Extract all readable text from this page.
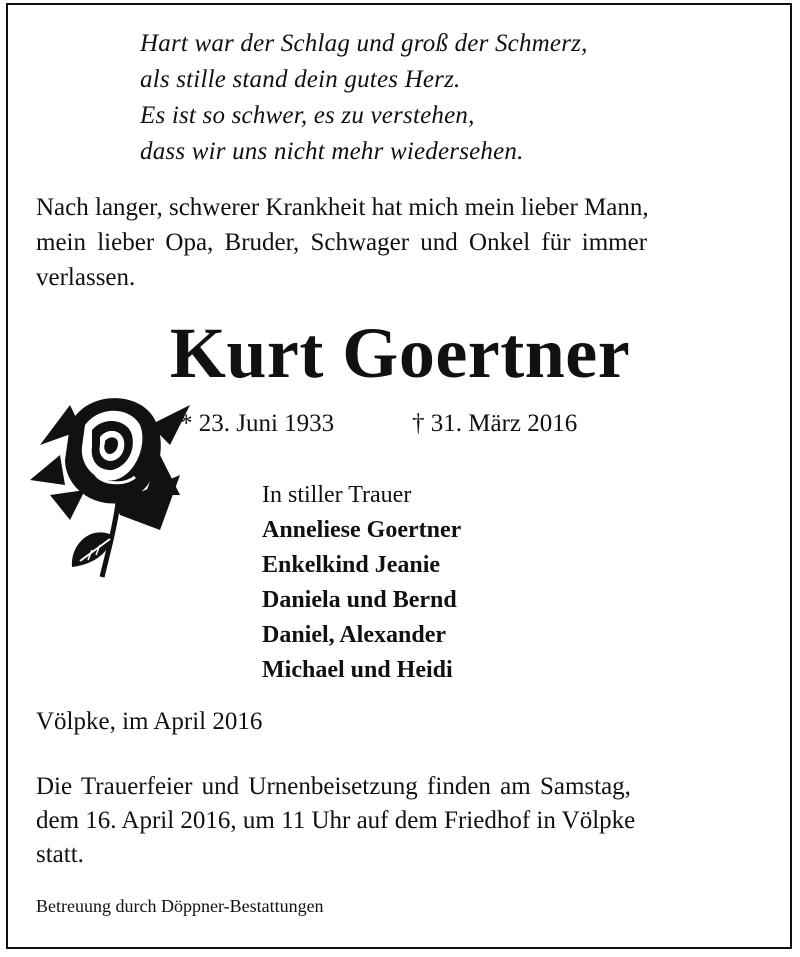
Hart war der Schlag und groß der Schmerz,
als stille stand dein gutes Herz.
Es ist so schwer, es zu verstehen,
dass wir uns nicht mehr wiedersehen.
Nach langer, schwerer Krankheit hat mich mein lieber Mann,
mein lieber Opa, Bruder, Schwager und Onkel für immer
verlassen.
Kurt Goertner
* 23. Juni 1933	† 31. März 2016
In stiller Trauer
Anneliese Goertner
Enkelkind Jeanie
Daniela und Bernd
Daniel, Alexander
Michael und Heidi
Völpke, im April 2016
Die Trauerfeier und Urnenbeisetzung finden am Samstag,
dem 16. April 2016, um 11 Uhr auf dem Friedhof in Völpke
statt.
Betreuung durch Döppner-Bestattungen
